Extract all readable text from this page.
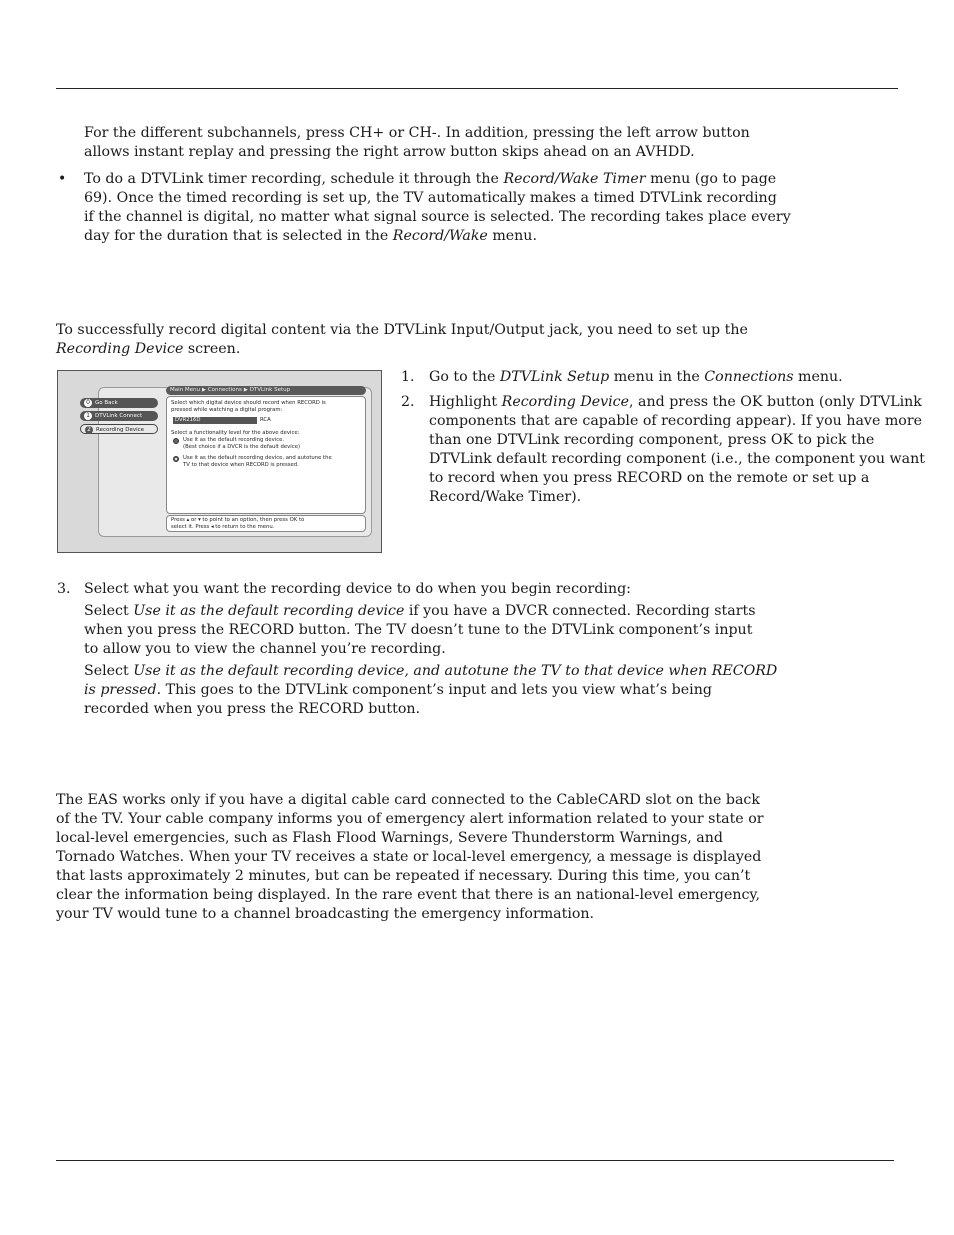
For the different subchannels, press CH+ or CH-. In addition, pressing the left arrow button
allows instant replay and pressing the right arrow button skips ahead on an AVHDD.
• To do a DTVLink timer recording, schedule it through the Record/Wake Timer menu (go to page
69). Once the timed recording is set up, the TV automatically makes a timed DTVLink recording
if the channel is digital, no matter what signal source is selected. The recording takes place every
day for the duration that is selected in the Record/Wake menu.
To successfully record digital content via the DTVLink Input/Output jack, you need to set up the
Recording Device screen.
Main Menu ▶ Connections ▶ DTVLink Setup
0 Go Back
1 DTVLink Connect
2 Recording Device
Select which digital device should record when RECORD is
pressed while watching a digital program:
DVR216D	RCA
Select a functionality level for the above device:
Use it as the default recording device.
(Best choice if a DVCR is the default device)
Use it as the default recording device, and autotune the
TV to that device when RECORD is pressed.
Press ▴ or ▾ to point to an option, then press OK to
select it. Press ◂ to return to the menu.
1. Go to the DTVLink Setup menu in the Connections menu.
2. Highlight Recording Device, and press the OK button (only DTVLink
components that are capable of recording appear). If you have more
than one DTVLink recording component, press OK to pick the
DTVLink default recording component (i.e., the component you want
to record when you press RECORD on the remote or set up a
Record/Wake Timer).
3. Select what you want the recording device to do when you begin recording:
Select Use it as the default recording device if you have a DVCR connected. Recording starts
when you press the RECORD button. The TV doesn’t tune to the DTVLink component’s input
to allow you to view the channel you’re recording.
Select Use it as the default recording device, and autotune the TV to that device when RECORD
is pressed. This goes to the DTVLink component’s input and lets you view what’s being
recorded when you press the RECORD button.
The EAS works only if you have a digital cable card connected to the CableCARD slot on the back
of the TV. Your cable company informs you of emergency alert information related to your state or
local-level emergencies, such as Flash Flood Warnings, Severe Thunderstorm Warnings, and
Tornado Watches. When your TV receives a state or local-level emergency, a message is displayed
that lasts approximately 2 minutes, but can be repeated if necessary. During this time, you can’t
clear the information being displayed. In the rare event that there is an national-level emergency,
your TV would tune to a channel broadcasting the emergency information.
